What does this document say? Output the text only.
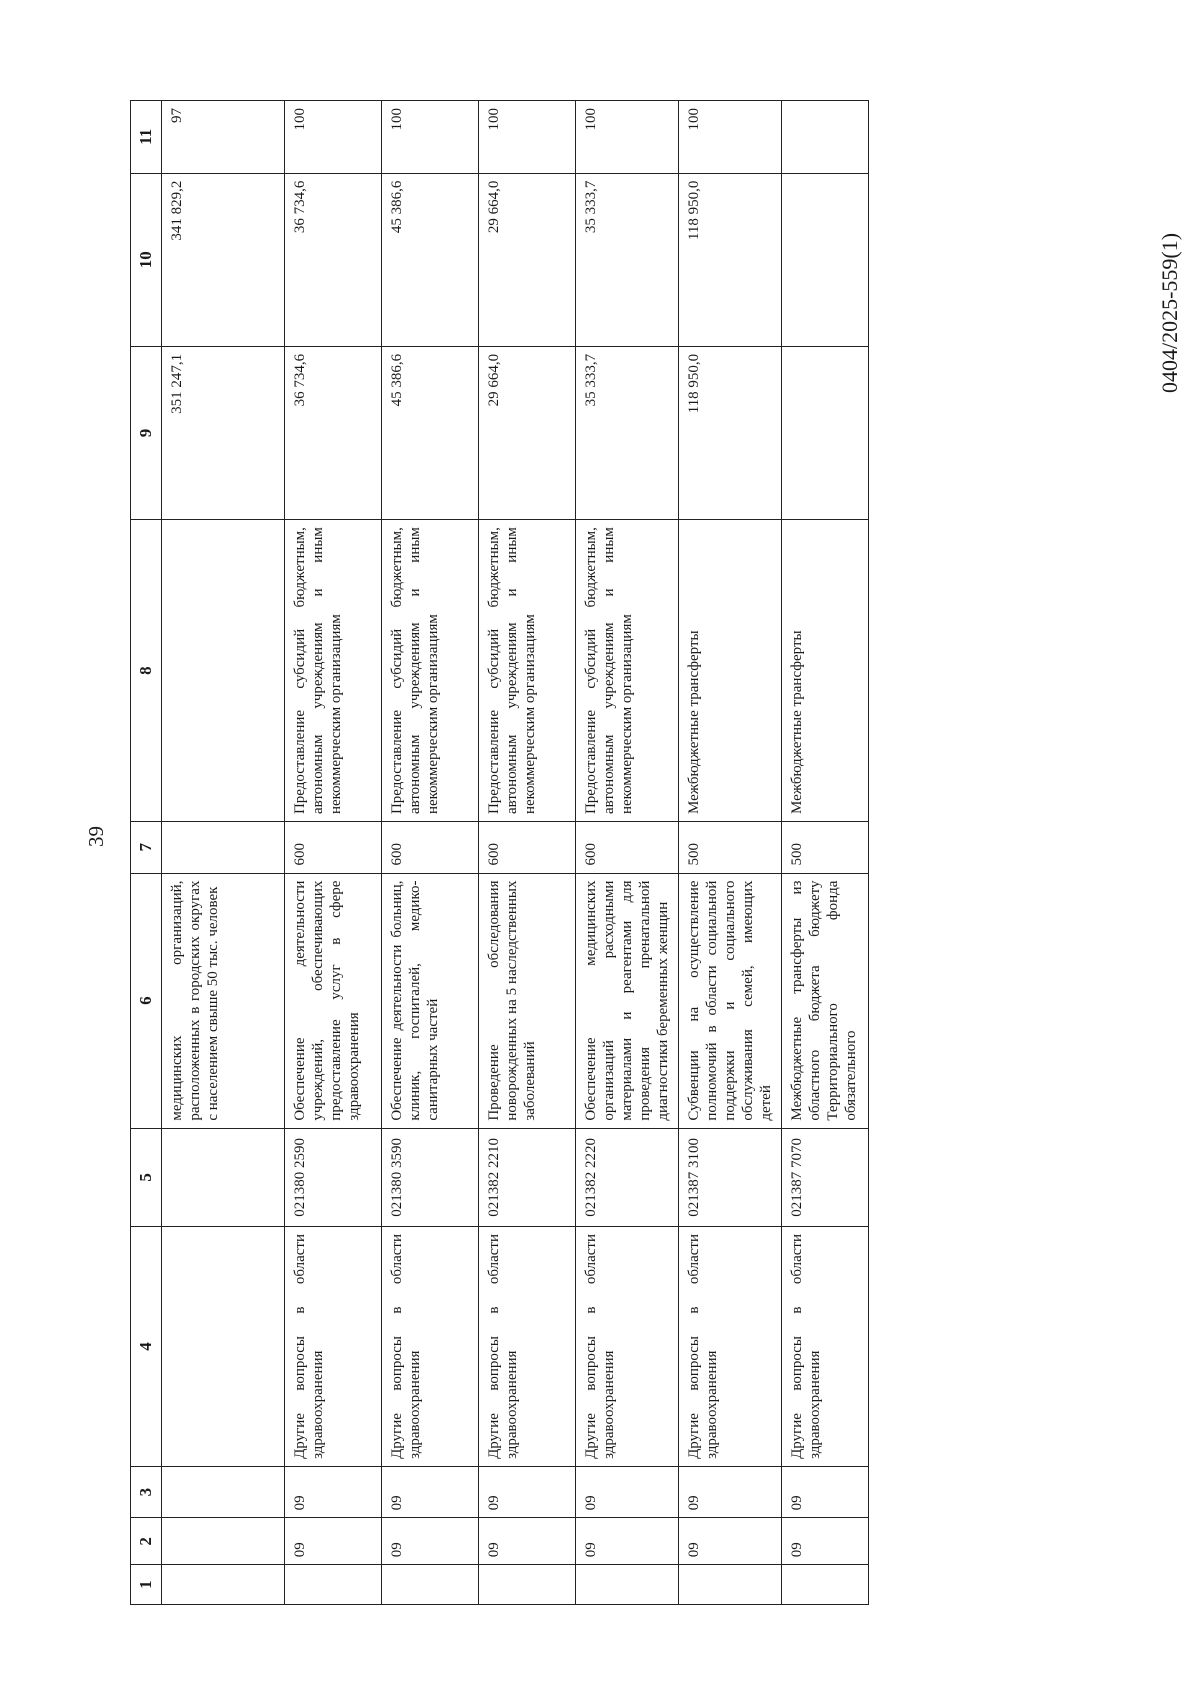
39
0404/2025-559(1)
1	2	3	4	5	6	7	8	9	10	11
					медицинских организаций, расположенных в городских округах с населением свыше 50 тыс. человек			351 247,1	341 829,2	97
	09	09	Другие вопросы в области здравоохранения	021380 2590	Обеспечение деятельности учреждений, обеспечивающих предоставление услуг в сфере здравоохранения	600	Предоставление субсидий бюджетным, автономным учреждениям и иным некоммерческим организациям	36 734,6	36 734,6	100
	09	09	Другие вопросы в области здравоохранения	021380 3590	Обеспечение деятельности больниц, клиник, госпиталей, медико-санитарных частей	600	Предоставление субсидий бюджетным, автономным учреждениям и иным некоммерческим организациям	45 386,6	45 386,6	100
	09	09	Другие вопросы в области здравоохранения	021382 2210	Проведение обследования новорожденных на 5 наследственных заболеваний	600	Предоставление субсидий бюджетным, автономным учреждениям и иным некоммерческим организациям	29 664,0	29 664,0	100
	09	09	Другие вопросы в области здравоохранения	021382 2220	Обеспечение медицинских организаций расходными материалами и реагентами для проведения пренатальной диагностики беременных женщин	600	Предоставление субсидий бюджетным, автономным учреждениям и иным некоммерческим организациям	35 333,7	35 333,7	100
	09	09	Другие вопросы в области здравоохранения	021387 3100	Субвенции на осуществление полномочий в области социальной поддержки и социального обслуживания семей, имеющих детей	500	Межбюджетные трансферты	118 950,0	118 950,0	100
	09	09	Другие вопросы в области здравоохранения	021387 7070	Межбюджетные трансферты из областного бюджета бюджету Территориального фонда обязательного	500	Межбюджетные трансферты			
